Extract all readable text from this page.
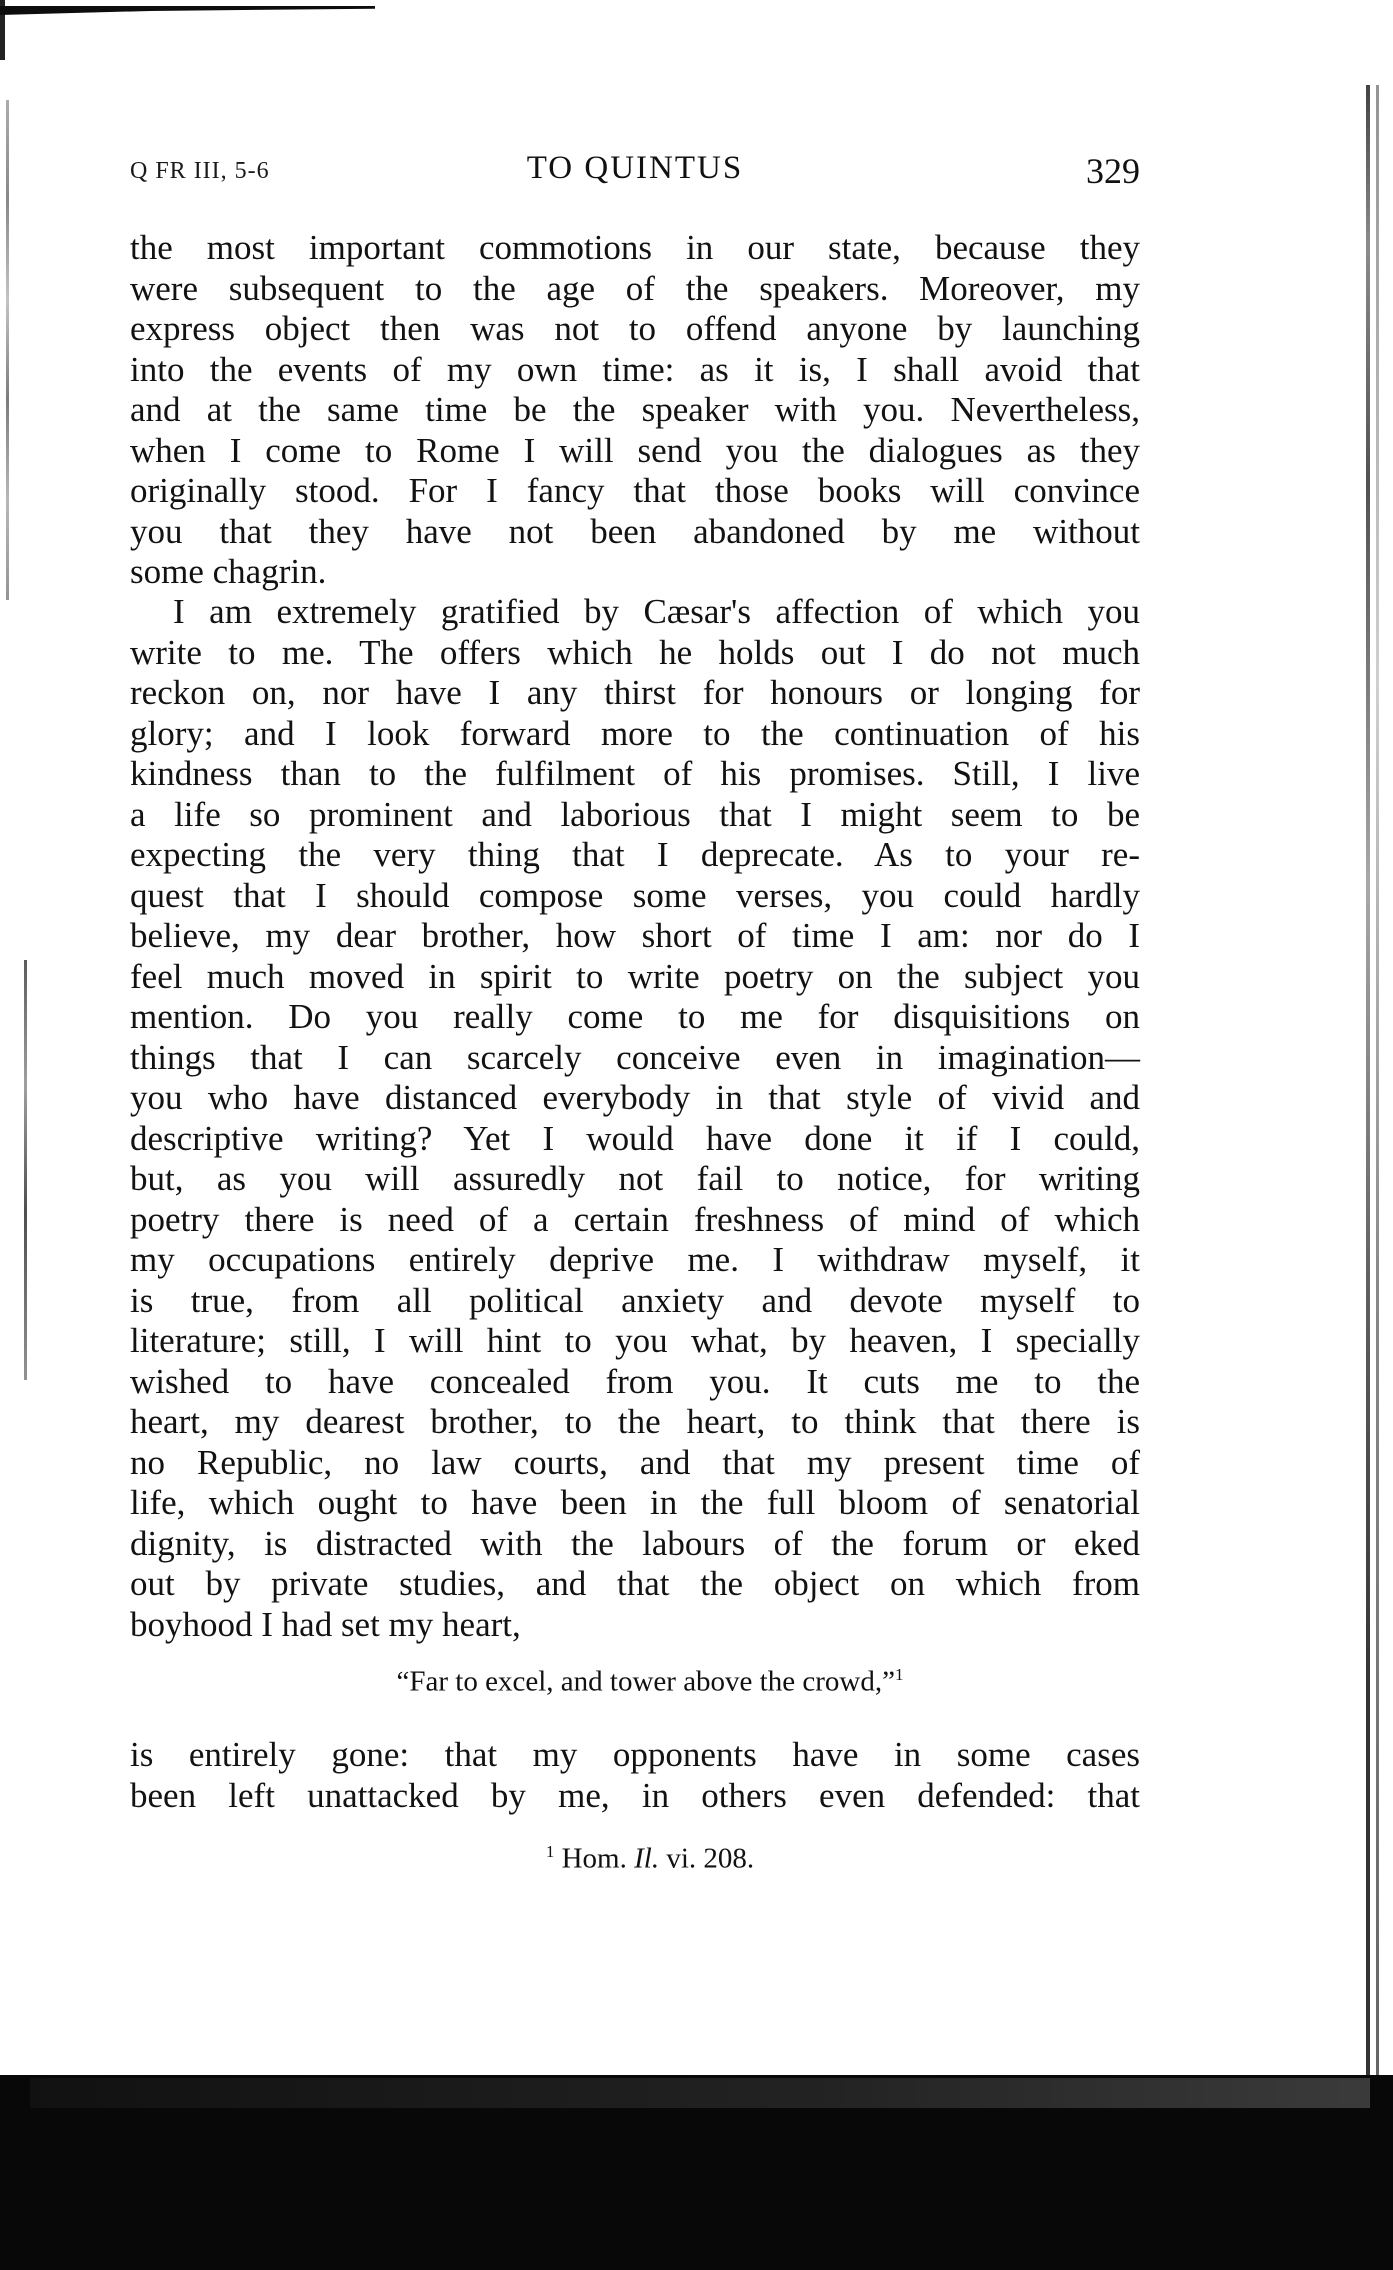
Q FR III, 5-6	TO QUINTUS	329
the most important commotions in our state, because they
were subsequent to the age of the speakers. Moreover, my
express object then was not to offend anyone by launching
into the events of my own time: as it is, I shall avoid that
and at the same time be the speaker with you. Nevertheless,
when I come to Rome I will send you the dialogues as they
originally stood. For I fancy that those books will convince
you that they have not been abandoned by me without
some chagrin.
I am extremely gratified by Cæsar's affection of which you
write to me. The offers which he holds out I do not much
reckon on, nor have I any thirst for honours or longing for
glory; and I look forward more to the continuation of his
kindness than to the fulfilment of his promises. Still, I live
a life so prominent and laborious that I might seem to be
expecting the very thing that I deprecate. As to your re-
quest that I should compose some verses, you could hardly
believe, my dear brother, how short of time I am: nor do I
feel much moved in spirit to write poetry on the subject you
mention. Do you really come to me for disquisitions on
things that I can scarcely conceive even in imagination—
you who have distanced everybody in that style of vivid and
descriptive writing? Yet I would have done it if I could,
but, as you will assuredly not fail to notice, for writing
poetry there is need of a certain freshness of mind of which
my occupations entirely deprive me. I withdraw myself, it
is true, from all political anxiety and devote myself to
literature; still, I will hint to you what, by heaven, I specially
wished to have concealed from you. It cuts me to the
heart, my dearest brother, to the heart, to think that there is
no Republic, no law courts, and that my present time of
life, which ought to have been in the full bloom of senatorial
dignity, is distracted with the labours of the forum or eked
out by private studies, and that the object on which from
boyhood I had set my heart,
“Far to excel, and tower above the crowd,”$^1$
is entirely gone: that my opponents have in some cases
been left unattacked by me, in others even defended: that
$^1$ Hom. Il. vi. 208.
